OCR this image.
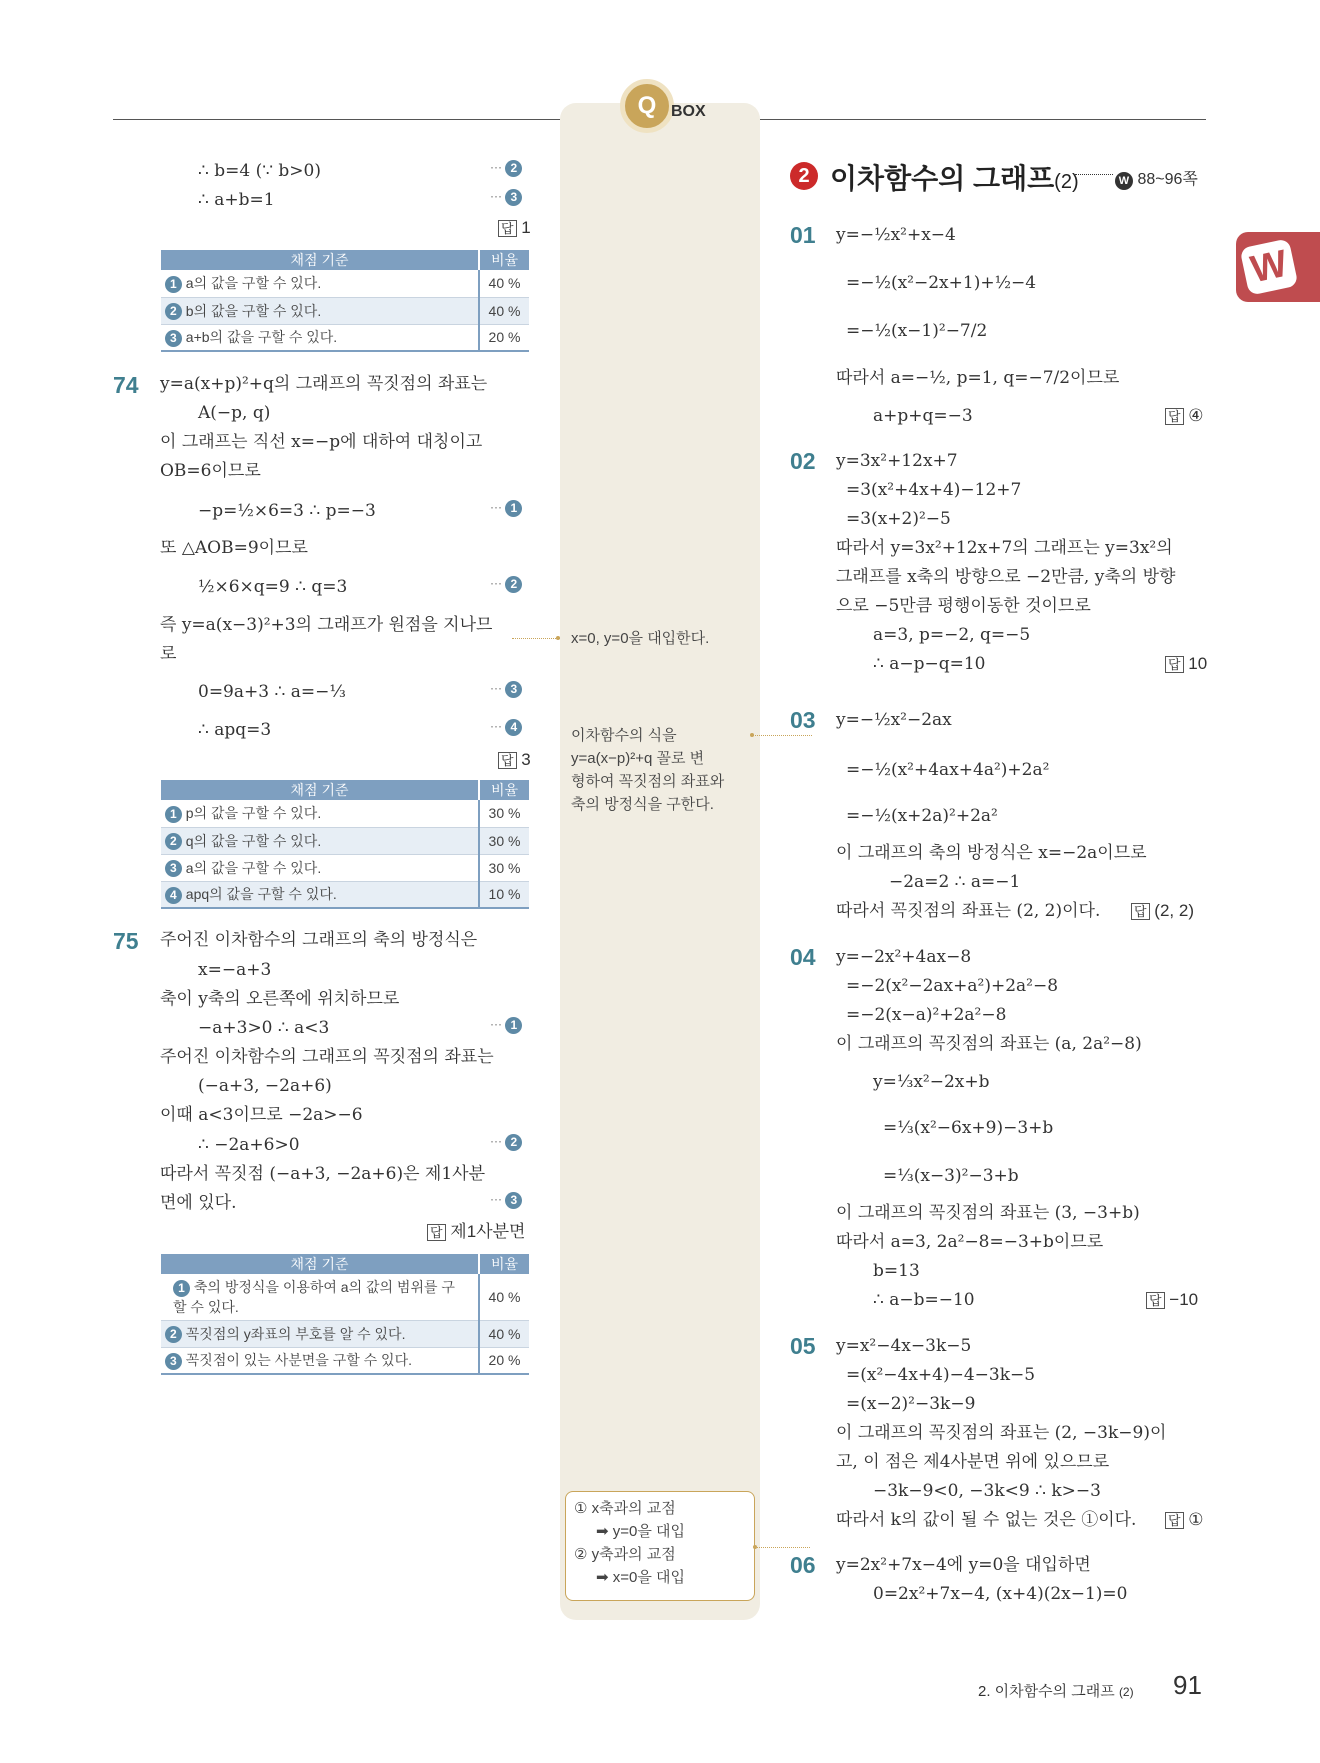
Q BOX
W
∴ b=4 (∵ b>0)	⋯ 2
∴ a+b=1	⋯ 3
답 1
채점 기준	비율
1 a의 값을 구할 수 있다.	40 %
2 b의 값을 구할 수 있다.	40 %
3 a+b의 값을 구할 수 있다.	20 %
74 y=a(x+p)²+q의 그래프의 꼭짓점의 좌표는
A(−p, q)
이 그래프는 직선 x=−p에 대하여 대칭이고
OB=6이므로
−p=½×6=3 ∴ p=−3	⋯ 1
또 △AOB=9이므로
½×6×q=9 ∴ q=3	⋯ 2
즉 y=a(x−3)²+3의 그래프가 원점을 지나므
로
0=9a+3 ∴ a=−⅓	⋯ 3
∴ apq=3	⋯ 4
답 3
채점 기준	비율
1 p의 값을 구할 수 있다.	30 %
2 q의 값을 구할 수 있다.	30 %
3 a의 값을 구할 수 있다.	30 %
4 apq의 값을 구할 수 있다.	10 %
75 주어진 이차함수의 그래프의 축의 방정식은
x=−a+3
축이 y축의 오른쪽에 위치하므로
−a+3>0 ∴ a<3	⋯ 1
주어진 이차함수의 그래프의 꼭짓점의 좌표는
(−a+3, −2a+6)
이때 a<3이므로 −2a>−6
∴ −2a+6>0	⋯ 2
따라서 꼭짓점 (−a+3, −2a+6)은 제1사분
면에 있다.	⋯ 3
답 제1사분면
채점 기준	비율
1 축의 방정식을 이용하여 a의 값의 범위를 구할 수 있다.	40 %
2 꼭짓점의 y좌표의 부호를 알 수 있다.	40 %
3 꼭짓점이 있는 사분면을 구할 수 있다.	20 %
x=0, y=0을 대입한다.
이차함수의 식을
y=a(x−p)²+q 꼴로 변
형하여 꼭짓점의 좌표와
축의 방정식을 구한다.
① x축과의 교점
➡ y=0을 대입
② y축과의 교점
➡ x=0을 대입
2 이차함수의 그래프(2)	W 88~96쪽
01 y=−½x²+x−4
=−½(x²−2x+1)+½−4
=−½(x−1)²−7/2
따라서 a=−½, p=1, q=−7/2이므로
a+p+q=−3	답 ④
02 y=3x²+12x+7
=3(x²+4x+4)−12+7
=3(x+2)²−5
따라서 y=3x²+12x+7의 그래프는 y=3x²의
그래프를 x축의 방향으로 −2만큼, y축의 방향
으로 −5만큼 평행이동한 것이므로
a=3, p=−2, q=−5
∴ a−p−q=10	답 10
03 y=−½x²−2ax
=−½(x²+4ax+4a²)+2a²
=−½(x+2a)²+2a²
이 그래프의 축의 방정식은 x=−2a이므로
−2a=2 ∴ a=−1
따라서 꼭짓점의 좌표는 (2, 2)이다.	답 (2, 2)
04 y=−2x²+4ax−8
=−2(x²−2ax+a²)+2a²−8
=−2(x−a)²+2a²−8
이 그래프의 꼭짓점의 좌표는 (a, 2a²−8)
y=⅓x²−2x+b
=⅓(x²−6x+9)−3+b
=⅓(x−3)²−3+b
이 그래프의 꼭짓점의 좌표는 (3, −3+b)
따라서 a=3, 2a²−8=−3+b이므로
b=13
∴ a−b=−10	답 −10
05 y=x²−4x−3k−5
=(x²−4x+4)−4−3k−5
=(x−2)²−3k−9
이 그래프의 꼭짓점의 좌표는 (2, −3k−9)이
고, 이 점은 제4사분면 위에 있으므로
−3k−9<0, −3k<9 ∴ k>−3
따라서 k의 값이 될 수 없는 것은 ①이다. 답 ①
06 y=2x²+7x−4에 y=0을 대입하면
0=2x²+7x−4, (x+4)(2x−1)=0
2. 이차함수의 그래프 (2) 91
